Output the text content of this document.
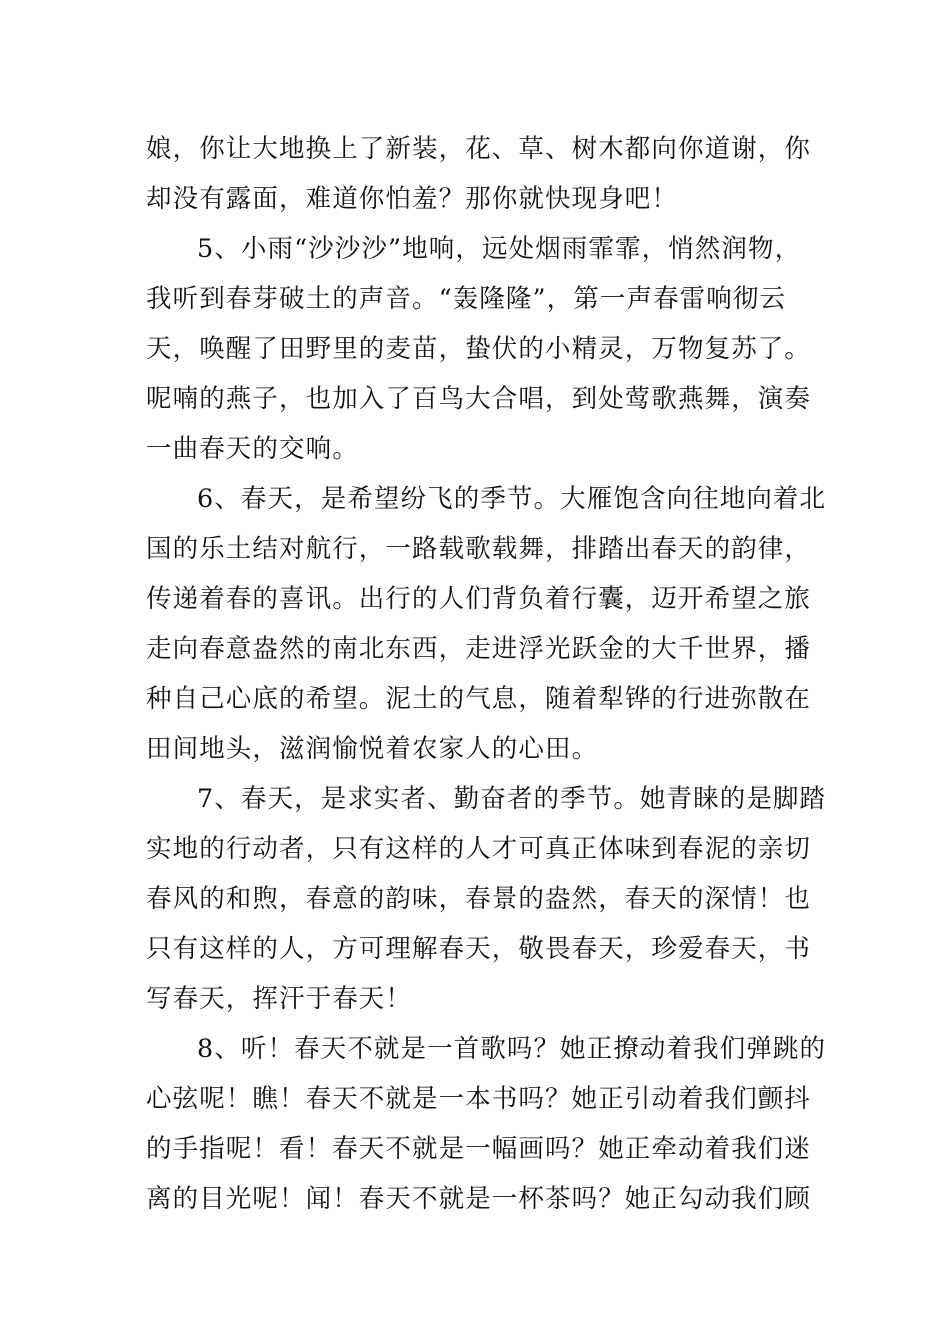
娘，你让大地换上了新装，花、草、树木都向你道谢，你
却没有露面，难道你怕羞？那你就快现身吧！
5、小雨“沙沙沙”地响，远处烟雨霏霏，悄然润物，
我听到春芽破土的声音。“轰隆隆”，第一声春雷响彻云
天，唤醒了田野里的麦苗，蛰伏的小精灵，万物复苏了。
呢喃的燕子，也加入了百鸟大合唱，到处莺歌燕舞，演奏
一曲春天的交响。
6、春天，是希望纷飞的季节。大雁饱含向往地向着北
国的乐土结对航行，一路载歌载舞，排踏出春天的韵律，
传递着春的喜讯。出行的人们背负着行囊，迈开希望之旅
走向春意盎然的南北东西，走进浮光跃金的大千世界，播
种自己心底的希望。泥土的气息，随着犁铧的行进弥散在
田间地头，滋润愉悦着农家人的心田。
7、春天，是求实者、勤奋者的季节。她青睐的是脚踏
实地的行动者，只有这样的人才可真正体味到春泥的亲切
春风的和煦，春意的韵味，春景的盎然，春天的深情！也
只有这样的人，方可理解春天，敬畏春天，珍爱春天，书
写春天，挥汗于春天！
8、听！春天不就是一首歌吗？她正撩动着我们弹跳的
心弦呢！瞧！春天不就是一本书吗？她正引动着我们颤抖
的手指呢！看！春天不就是一幅画吗？她正牵动着我们迷
离的目光呢！闻！春天不就是一杯茶吗？她正勾动我们顾
